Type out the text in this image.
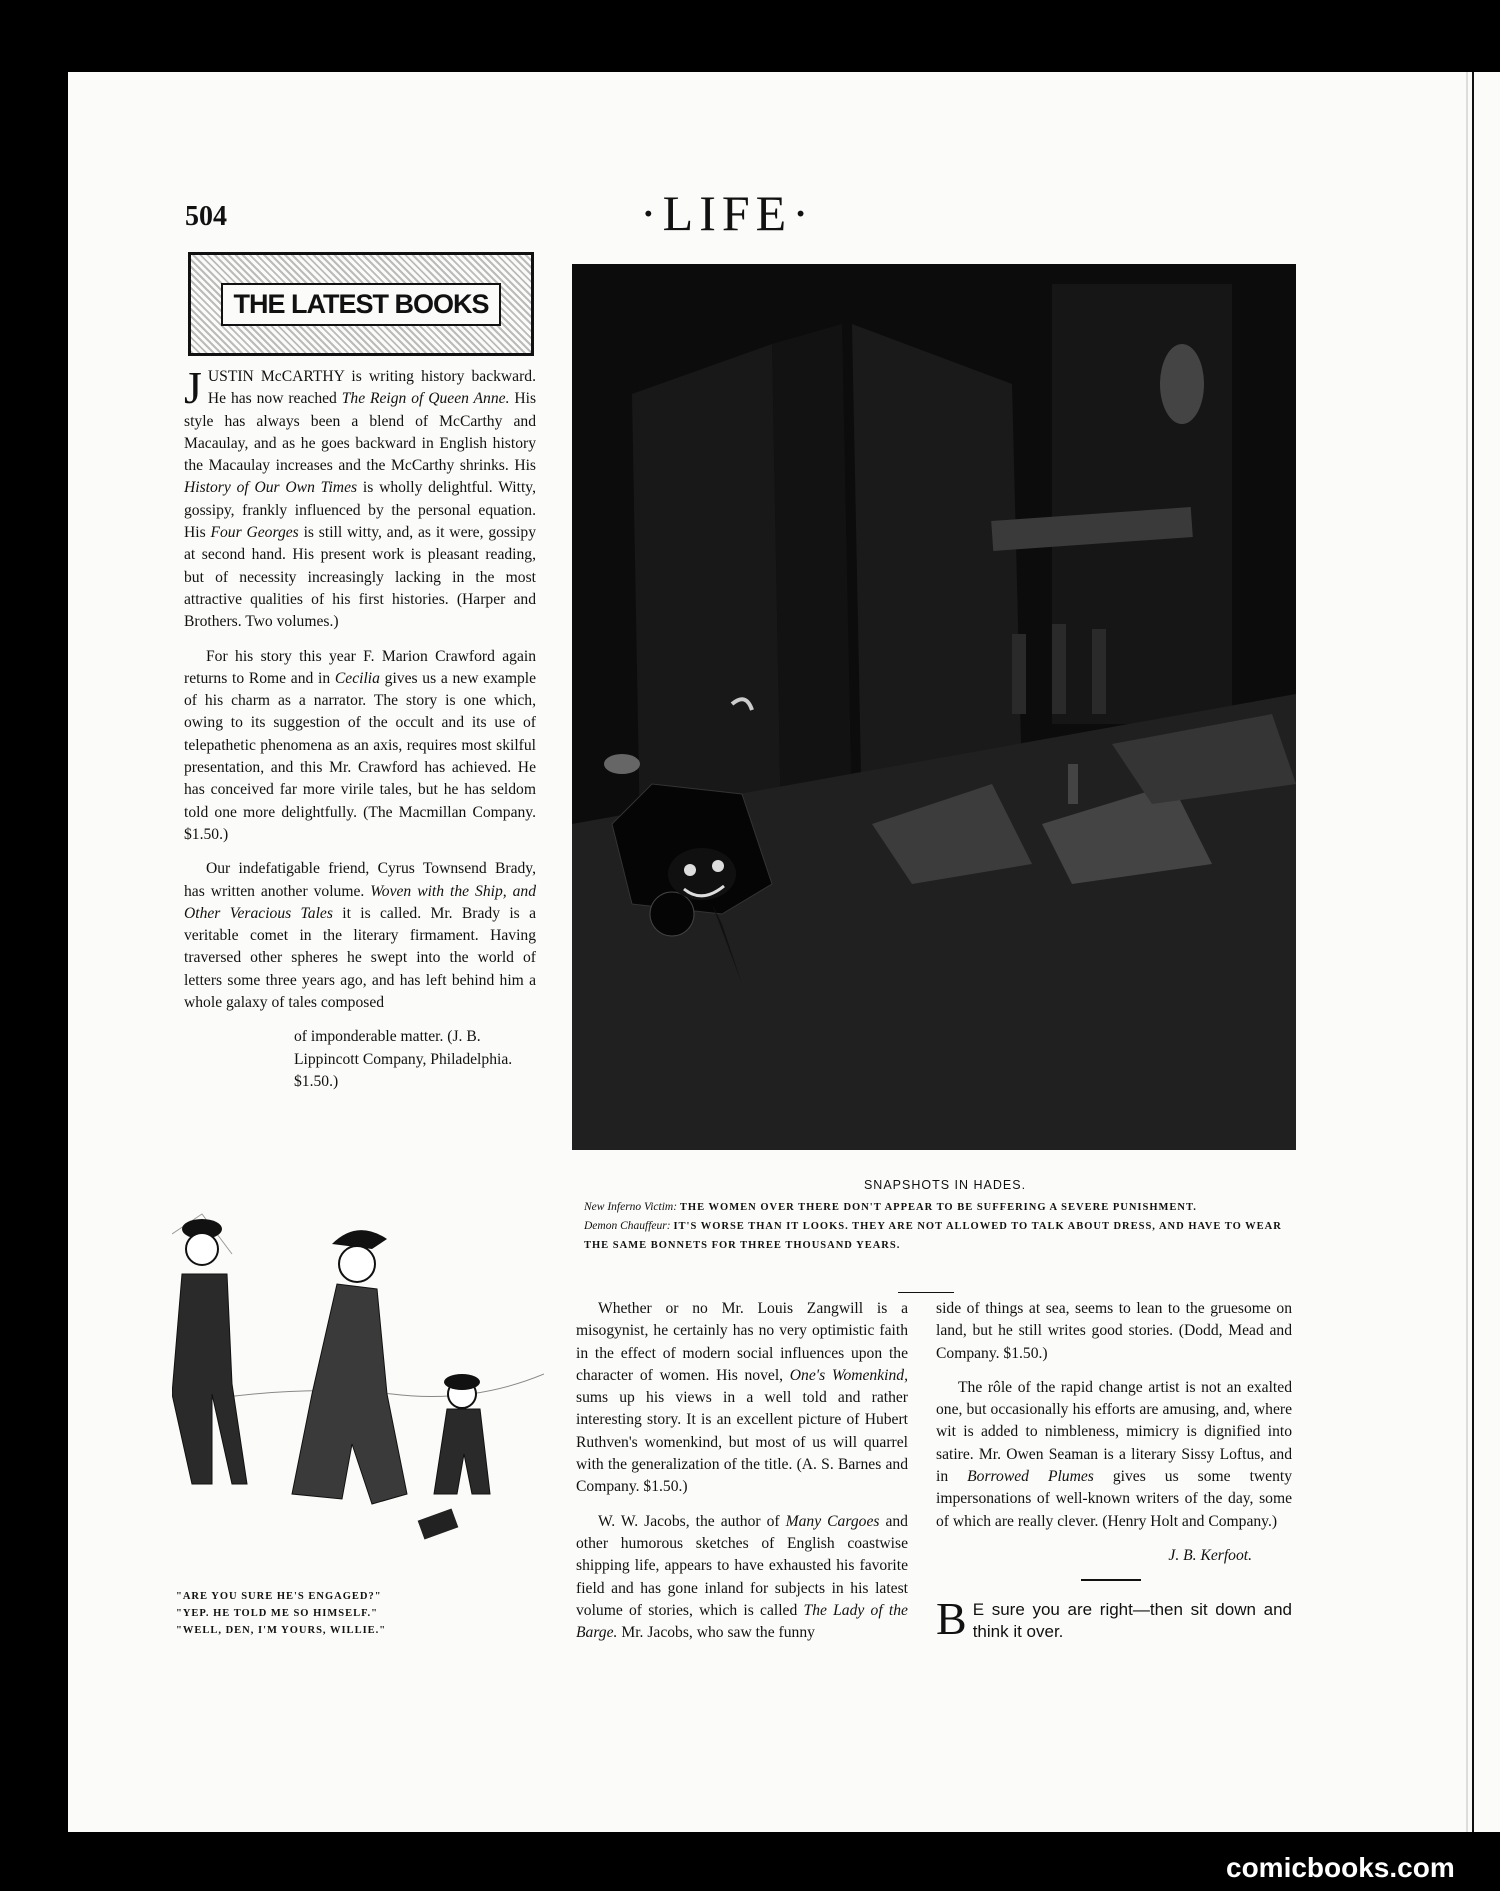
504	·LIFE·
THE LATEST BOOKS

JUSTIN McCARTHY is writing history backward. He has now reached The Reign of Queen Anne. His style has always been a blend of McCarthy and Macaulay, and as he goes backward in English history the Macaulay increases and the McCarthy shrinks. His History of Our Own Times is wholly delightful. Witty, gossipy, frankly influenced by the personal equation. His Four Georges is still witty, and, as it were, gossipy at second hand. His present work is pleasant reading, but of necessity increasingly lacking in the most attractive qualities of his first histories. (Harper and Brothers. Two volumes.)

For his story this year F. Marion Crawford again returns to Rome and in Cecilia gives us a new example of his charm as a narrator. The story is one which, owing to its suggestion of the occult and its use of telepathetic phenomena as an axis, requires most skilful presentation, and this Mr. Crawford has achieved. He has conceived far more virile tales, but he has seldom told one more delightfully. (The Macmillan Company. $1.50.)

Our indefatigable friend, Cyrus Townsend Brady, has written another volume. Woven with the Ship, and Other Veracious Tales it is called. Mr. Brady is a veritable comet in the literary firmament. Having traversed other spheres he swept into the world of letters some three years ago, and has left behind him a whole galaxy of tales composed

of imponderable matter. (J. B. Lippincott Company, Philadelphia. $1.50.)

SNAPSHOTS IN HADES.

New Inferno Victim: THE WOMEN OVER THERE DON'T APPEAR TO BE SUFFERING A SEVERE PUNISHMENT.

Demon Chauffeur: IT'S WORSE THAN IT LOOKS. THEY ARE NOT ALLOWED TO TALK ABOUT DRESS, AND HAVE TO WEAR THE SAME BONNETS FOR THREE THOUSAND YEARS.

Whether or no Mr. Louis Zangwill is a misogynist, he certainly has no very optimistic faith in the effect of modern social influences upon the character of women. His novel, One's Womenkind, sums up his views in a well told and rather interesting story. It is an excellent picture of Hubert Ruthven's womenkind, but most of us will quarrel with the generalization of the title. (A. S. Barnes and Company. $1.50.)

W. W. Jacobs, the author of Many Cargoes and other humorous sketches of English coastwise shipping life, appears to have exhausted his favorite field and has gone inland for subjects in his latest volume of stories, which is called The Lady of the Barge. Mr. Jacobs, who saw the funny

side of things at sea, seems to lean to the gruesome on land, but he still writes good stories. (Dodd, Mead and Company. $1.50.)

The rôle of the rapid change artist is not an exalted one, but occasionally his efforts are amusing, and, where wit is added to nimbleness, mimicry is dignified into satire. Mr. Owen Seaman is a literary Sissy Loftus, and in Borrowed Plumes gives us some twenty impersonations of well-known writers of the day, some of which are really clever. (Henry Holt and Company.)

J. B. Kerfoot.

B E sure you are right—then sit down and think it over.

"ARE YOU SURE HE'S ENGAGED?"

"YEP. HE TOLD ME SO HIMSELF."

"WELL, DEN, I'M YOURS, WILLIE."

comicbooks.com
